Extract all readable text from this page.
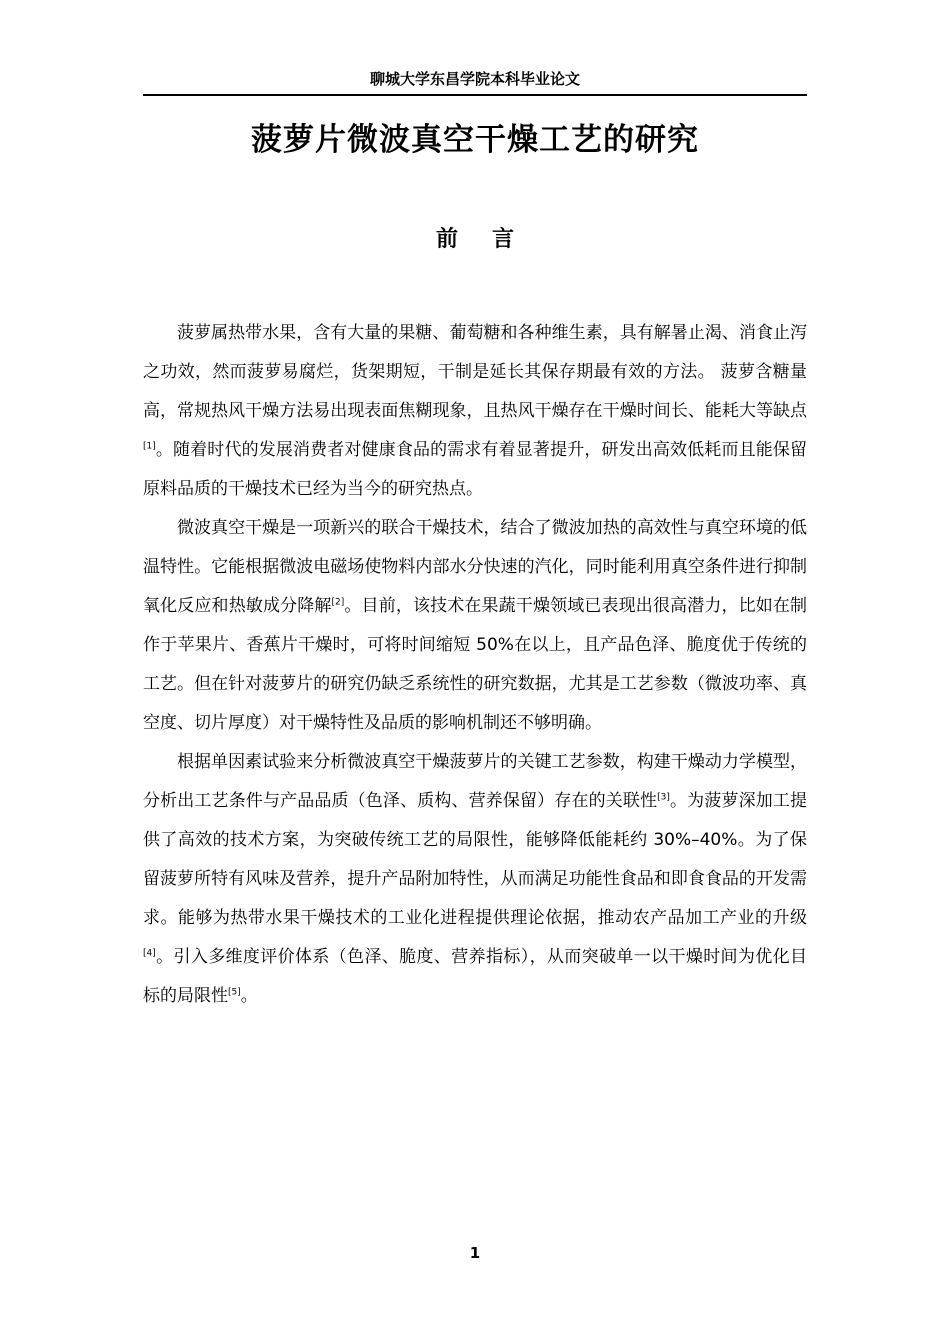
聊城大学东昌学院本科毕业论文
菠萝片微波真空干燥工艺的研究
前 言

菠萝属热带水果，含有大量的果糖、葡萄糖和各种维生素，具有解暑止渴、消食止泻之功效，然而菠萝易腐烂，货架期短，干制是延长其保存期最有效的方法。 菠萝含糖量高，常规热风干燥方法易出现表面焦糊现象，且热风干燥存在干燥时间长、能耗大等缺点[1]。随着时代的发展消费者对健康食品的需求有着显著提升，研发出高效低耗而且能保留原料品质的干燥技术已经为当今的研究热点。

微波真空干燥是一项新兴的联合干燥技术，结合了微波加热的高效性与真空环境的低温特性。它能根据微波电磁场使物料内部水分快速的汽化，同时能利用真空条件进行抑制氧化反应和热敏成分降解[2]。目前，该技术在果蔬干燥领域已表现出很高潜力，比如在制作于苹果片、香蕉片干燥时，可将时间缩短 50%在以上，且产品色泽、脆度优于传统的工艺。但在针对菠萝片的研究仍缺乏系统性的研究数据，尤其是工艺参数（微波功率、真空度、切片厚度）对干燥特性及品质的影响机制还不够明确。

根据单因素试验来分析微波真空干燥菠萝片的关键工艺参数，构建干燥动力学模型，分析出工艺条件与产品品质（色泽、质构、营养保留）存在的关联性[3]。为菠萝深加工提供了高效的技术方案，为突破传统工艺的局限性，能够降低能耗约 30%–40%。为了保留菠萝所特有风味及营养，提升产品附加特性，从而满足功能性食品和即食食品的开发需求。能够为热带水果干燥技术的工业化进程提供理论依据，推动农产品加工产业的升级[4]。引入多维度评价体系（色泽、脆度、营养指标），从而突破单一以干燥时间为优化目标的局限性[5]。

1
